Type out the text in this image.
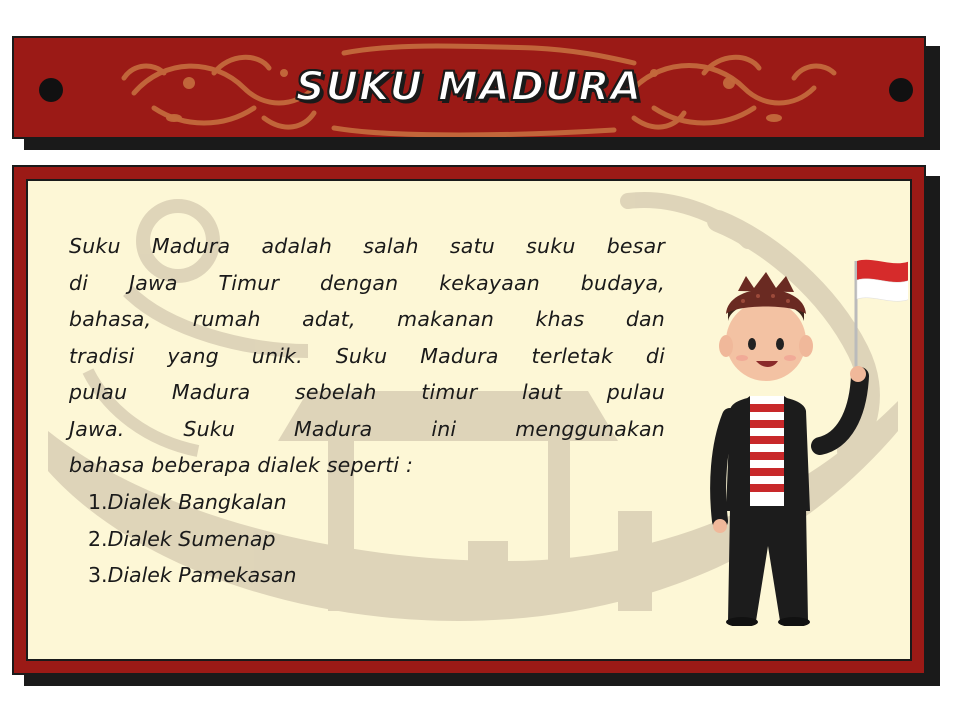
SUKU MADURA
Suku Madura adalah salah satu suku besar
di Jawa Timur dengan kekayaan budaya,
bahasa, rumah adat, makanan khas dan
tradisi yang unik. Suku Madura terletak di
pulau Madura sebelah timur laut pulau
Jawa. Suku Madura ini menggunakan
bahasa beberapa dialek seperti :
1.Dialek Bangkalan
2.Dialek Sumenap
3.Dialek Pamekasan
